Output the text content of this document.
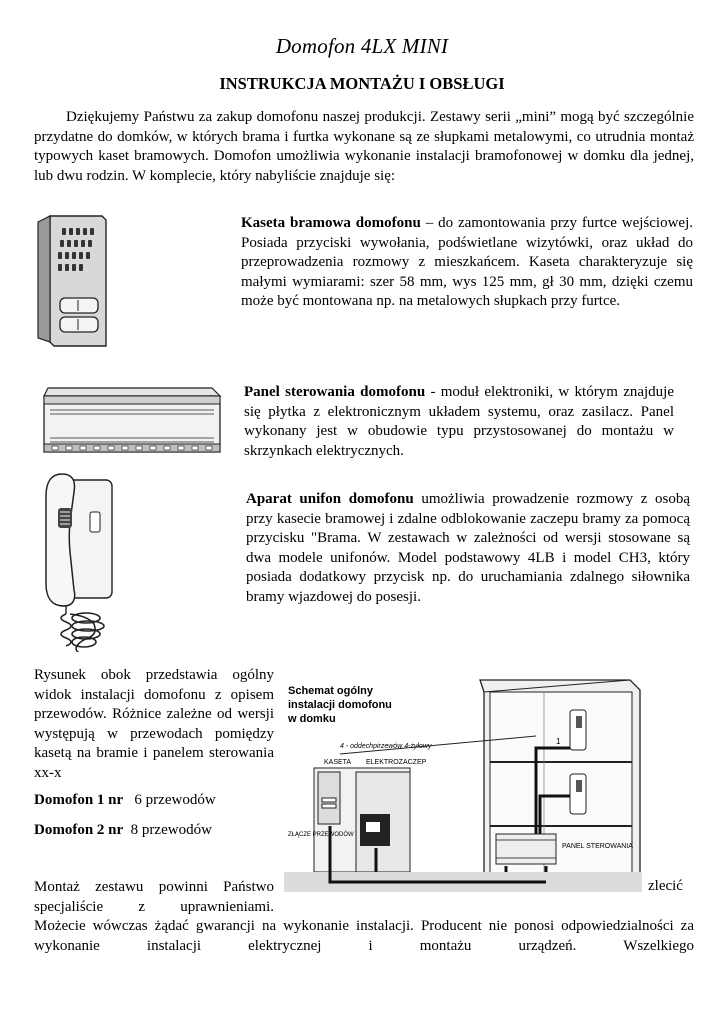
Domofon 4LX MINI
INSTRUKCJA MONTAŻU I OBSŁUGI
Dziękujemy Państwu za zakup domofonu naszej produkcji. Zestawy serii „mini” mogą być szczególnie przydatne do domków, w których brama i furtka wykonane są ze słupkami metalowymi, co utrudnia montaż typowych kaset bramowych. Domofon umożliwia wykonanie instalacji bramofonowej w domku dla jednej, lub dwu rodzin. W komplecie, który nabyliście znajduje się:
Kaseta bramowa domofonu – do zamontowania przy furtce wejściowej. Posiada przyciski wywołania, podświetlane wizytówki, oraz układ do przeprowadzenia rozmowy z mieszkańcem. Kaseta charakteryzuje się małymi wymiarami: szer 58 mm, wys 125 mm, gł 30 mm, dzięki czemu może być montowana np. na metalowych słupkach przy furtce.
Panel sterowania domofonu - moduł elektroniki, w którym znajduje się płytka z elektronicznym układem systemu, oraz zasilacz. Panel wykonany jest w obudowie typu przystosowanej do montażu w skrzynkach elektrycznych.
Aparat unifon domofonu umożliwia prowadzenie rozmowy z osobą przy kasecie bramowej i zdalne odblokowanie zaczepu bramy za pomocą przycisku "Brama. W zestawach w zależności od wersji stosowane są dwa modele unifonów. Model podstawowy 4LB i model CH3, który posiada dodatkowy przycisk np. do uruchamiania zdalnego siłownika bramy wjazdowej do posesji.
Rysunek obok przedstawia ogólny widok instalacji domofonu z opisem przewodów. Różnice zależne od wersji występują w przewodach pomiędzy kasetą na bramie i panelem sterowania xx-x
Domofon 1 nr 6 przewodów
Domofon 2 nr 8 przewodów
Schemat ogólny
instalacji domofonu
w domku
1
PANEL STEROWANIA
KASETA ELEKTROZACZEP
4 - oddechpirzewów 4-żyłowy
ZŁĄCZE PRZEWODÓW
Montaż zestawu powinni Państwo specjaliście z uprawnieniami.
zlecić
Możecie wówczas żądać gwarancji na wykonanie instalacji. Producent nie ponosi odpowiedzialności za wykonanie instalacji elektrycznej i montażu urządzeń. Wszelkiego
